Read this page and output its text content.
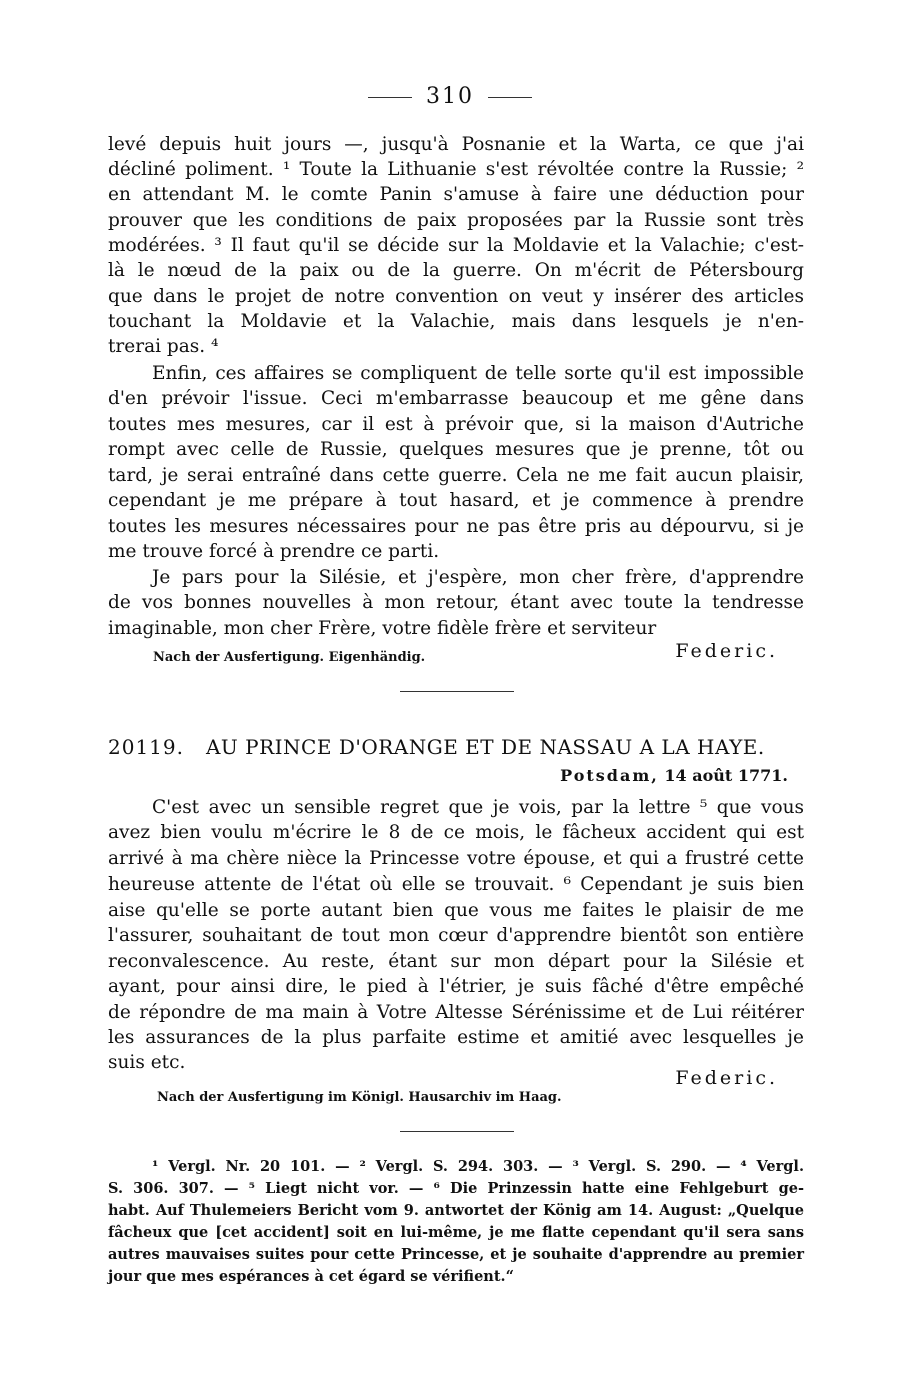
310
levé depuis huit jours —, jusqu'à Posnanie et la Warta, ce que j'ai
décliné poliment. ¹ Toute la Lithuanie s'est révoltée contre la Russie; ²
en attendant M. le comte Panin s'amuse à faire une déduction pour
prouver que les conditions de paix proposées par la Russie sont très
modérées. ³ Il faut qu'il se décide sur la Moldavie et la Valachie; c'est-
là le nœud de la paix ou de la guerre. On m'écrit de Pétersbourg
que dans le projet de notre convention on veut y insérer des articles
touchant la Moldavie et la Valachie, mais dans lesquels je n'en-
trerai pas. ⁴
Enfin, ces affaires se compliquent de telle sorte qu'il est impossible
d'en prévoir l'issue. Ceci m'embarrasse beaucoup et me gêne dans
toutes mes mesures, car il est à prévoir que, si la maison d'Autriche
rompt avec celle de Russie, quelques mesures que je prenne, tôt ou
tard, je serai entraîné dans cette guerre. Cela ne me fait aucun plaisir,
cependant je me prépare à tout hasard, et je commence à prendre
toutes les mesures nécessaires pour ne pas être pris au dépourvu, si je
me trouve forcé à prendre ce parti.
Je pars pour la Silésie, et j'espère, mon cher frère, d'apprendre
de vos bonnes nouvelles à mon retour, étant avec toute la tendresse
imaginable, mon cher Frère, votre fidèle frère et serviteur
Nach der Ausfertigung. Eigenhändig.	Federic.
20119. AU PRINCE D'ORANGE ET DE NASSAU A LA HAYE.
Potsdam, 14 août 1771.
C'est avec un sensible regret que je vois, par la lettre ⁵ que vous
avez bien voulu m'écrire le 8 de ce mois, le fâcheux accident qui est
arrivé à ma chère nièce la Princesse votre épouse, et qui a frustré cette
heureuse attente de l'état où elle se trouvait. ⁶ Cependant je suis bien
aise qu'elle se porte autant bien que vous me faites le plaisir de me
l'assurer, souhaitant de tout mon cœur d'apprendre bientôt son entière
reconvalescence. Au reste, étant sur mon départ pour la Silésie et
ayant, pour ainsi dire, le pied à l'étrier, je suis fâché d'être empêché
de répondre de ma main à Votre Altesse Sérénissime et de Lui réitérer
les assurances de la plus parfaite estime et amitié avec lesquelles je
suis etc.
Federic.
Nach der Ausfertigung im Königl. Hausarchiv im Haag.
¹ Vergl. Nr. 20 101. — ² Vergl. S. 294. 303. — ³ Vergl. S. 290. — ⁴ Vergl.
S. 306. 307. — ⁵ Liegt nicht vor. — ⁶ Die Prinzessin hatte eine Fehlgeburt ge-
habt. Auf Thulemeiers Bericht vom 9. antwortet der König am 14. August: „Quelque
fâcheux que [cet accident] soit en lui-même, je me flatte cependant qu'il sera sans
autres mauvaises suites pour cette Princesse, et je souhaite d'apprendre au premier
jour que mes espérances à cet égard se vérifient.“
